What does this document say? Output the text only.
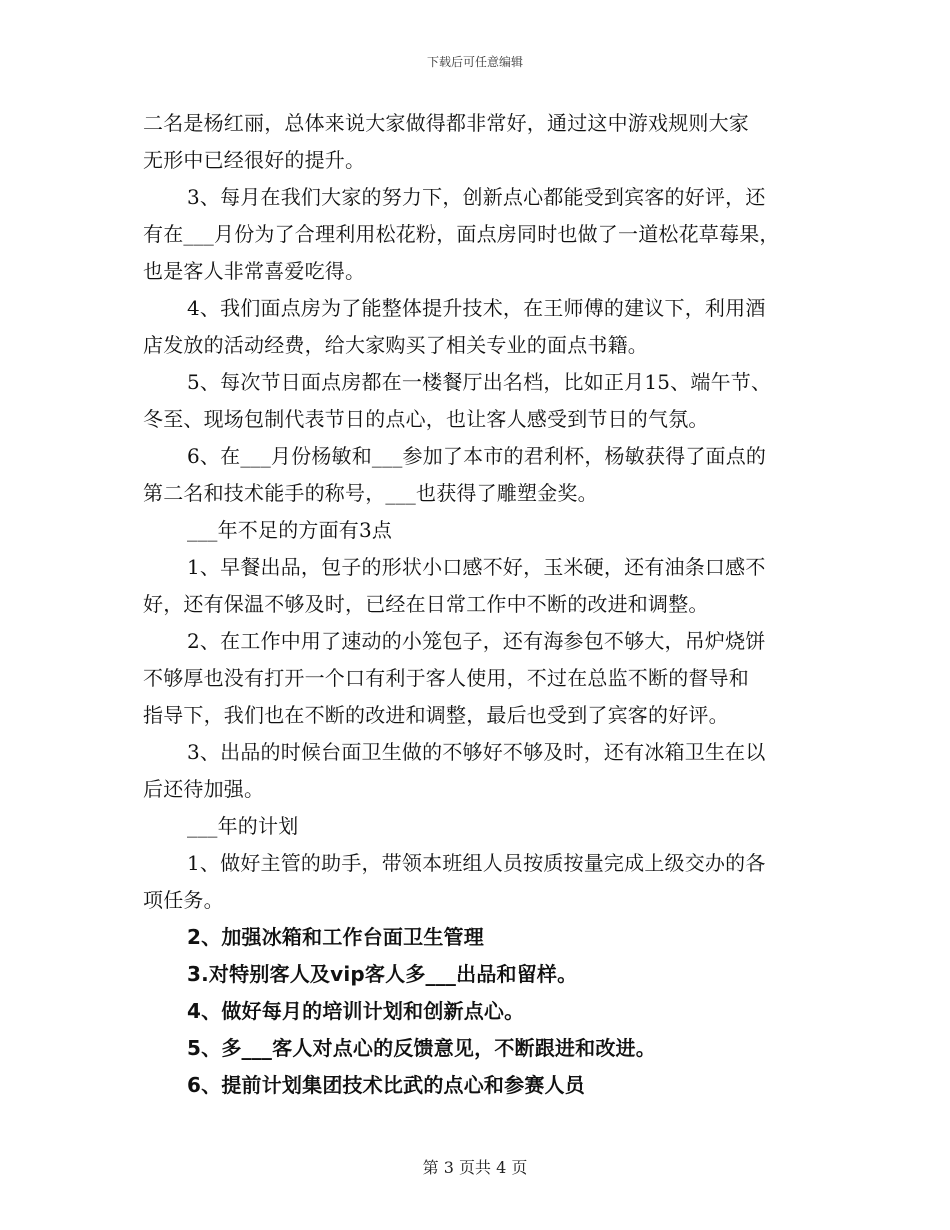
下载后可任意编辑
二名是杨红丽，总体来说大家做得都非常好，通过这中游戏规则大家
无形中已经很好的提升。
3、每月在我们大家的努力下，创新点心都能受到宾客的好评，还
有在___月份为了合理利用松花粉，面点房同时也做了一道松花草莓果，
也是客人非常喜爱吃得。
4、我们面点房为了能整体提升技术，在王师傅的建议下，利用酒
店发放的活动经费，给大家购买了相关专业的面点书籍。
5、每次节日面点房都在一楼餐厅出名档，比如正月15、端午节、
冬至、现场包制代表节日的点心，也让客人感受到节日的气氛。
6、在___月份杨敏和___参加了本市的君利杯，杨敏获得了面点的
第二名和技术能手的称号，___也获得了雕塑金奖。
___年不足的方面有3点
1、早餐出品，包子的形状小口感不好，玉米硬，还有油条口感不
好，还有保温不够及时，已经在日常工作中不断的改进和调整。
2、在工作中用了速动的小笼包子，还有海参包不够大，吊炉烧饼
不够厚也没有打开一个口有利于客人使用，不过在总监不断的督导和
指导下，我们也在不断的改进和调整，最后也受到了宾客的好评。
3、出品的时候台面卫生做的不够好不够及时，还有冰箱卫生在以
后还待加强。
___年的计划
1、做好主管的助手，带领本班组人员按质按量完成上级交办的各
项任务。
2、加强冰箱和工作台面卫生管理
3.对特别客人及vip客人多___出品和留样。
4、做好每月的培训计划和创新点心。
5、多___客人对点心的反馈意见，不断跟进和改进。
6、提前计划集团技术比武的点心和参赛人员
第 3 页共 4 页
